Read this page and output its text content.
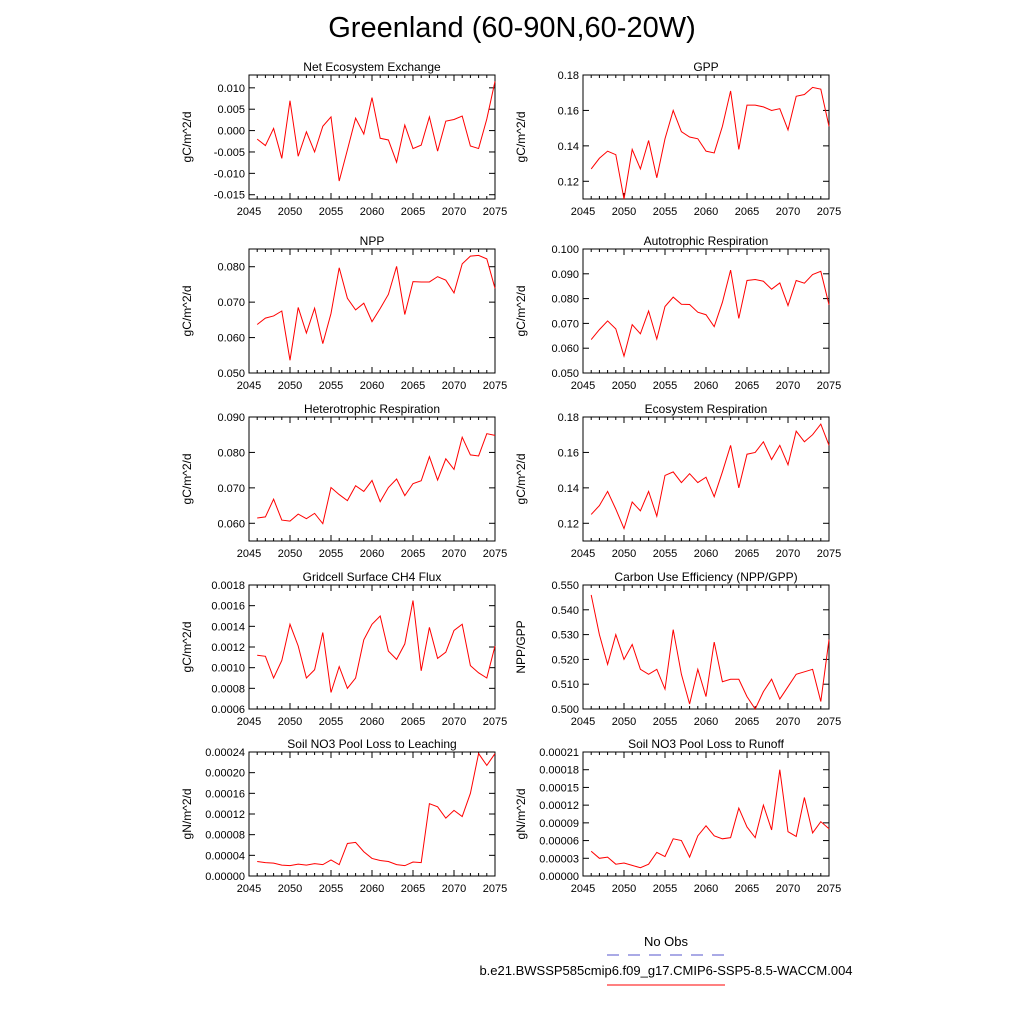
Greenland (60-90N,60-20W)
No Obs
b.e21.BWSSP585cmip6.f09_g17.CMIP6-SSP5-8.5-WACCM.004
Net Ecosystem Exchange
gC/m^2/d
2045 2050 2055 2060 2065 2070 2075
-0.015
-0.010
-0.005
0.000
0.005
0.010
GPP
gC/m^2/d
2045 2050 2055 2060 2065 2070 2075
0.12
0.14
0.16
0.18
NPP
gC/m^2/d
2045 2050 2055 2060 2065 2070 2075
0.050
0.060
0.070
0.080
Autotrophic Respiration
gC/m^2/d
2045 2050 2055 2060 2065 2070 2075
0.050
0.060
0.070
0.080
0.090
0.100
Heterotrophic Respiration
gC/m^2/d
2045 2050 2055 2060 2065 2070 2075
0.060
0.070
0.080
0.090
Ecosystem Respiration
gC/m^2/d
2045 2050 2055 2060 2065 2070 2075
0.12
0.14
0.16
0.18
Gridcell Surface CH4 Flux
gC/m^2/d
2045 2050 2055 2060 2065 2070 2075
0.0006
0.0008
0.0010
0.0012
0.0014
0.0016
0.0018
Carbon Use Efficiency (NPP/GPP)
NPP/GPP
2045 2050 2055 2060 2065 2070 2075
0.500
0.510
0.520
0.530
0.540
0.550
Soil NO3 Pool Loss to Leaching
gN/m^2/d
2045 2050 2055 2060 2065 2070 2075
0.00000
0.00004
0.00008
0.00012
0.00016
0.00020
0.00024
Soil NO3 Pool Loss to Runoff
gN/m^2/d
2045 2050 2055 2060 2065 2070 2075
0.00000
0.00003
0.00006
0.00009
0.00012
0.00015
0.00018
0.00021
